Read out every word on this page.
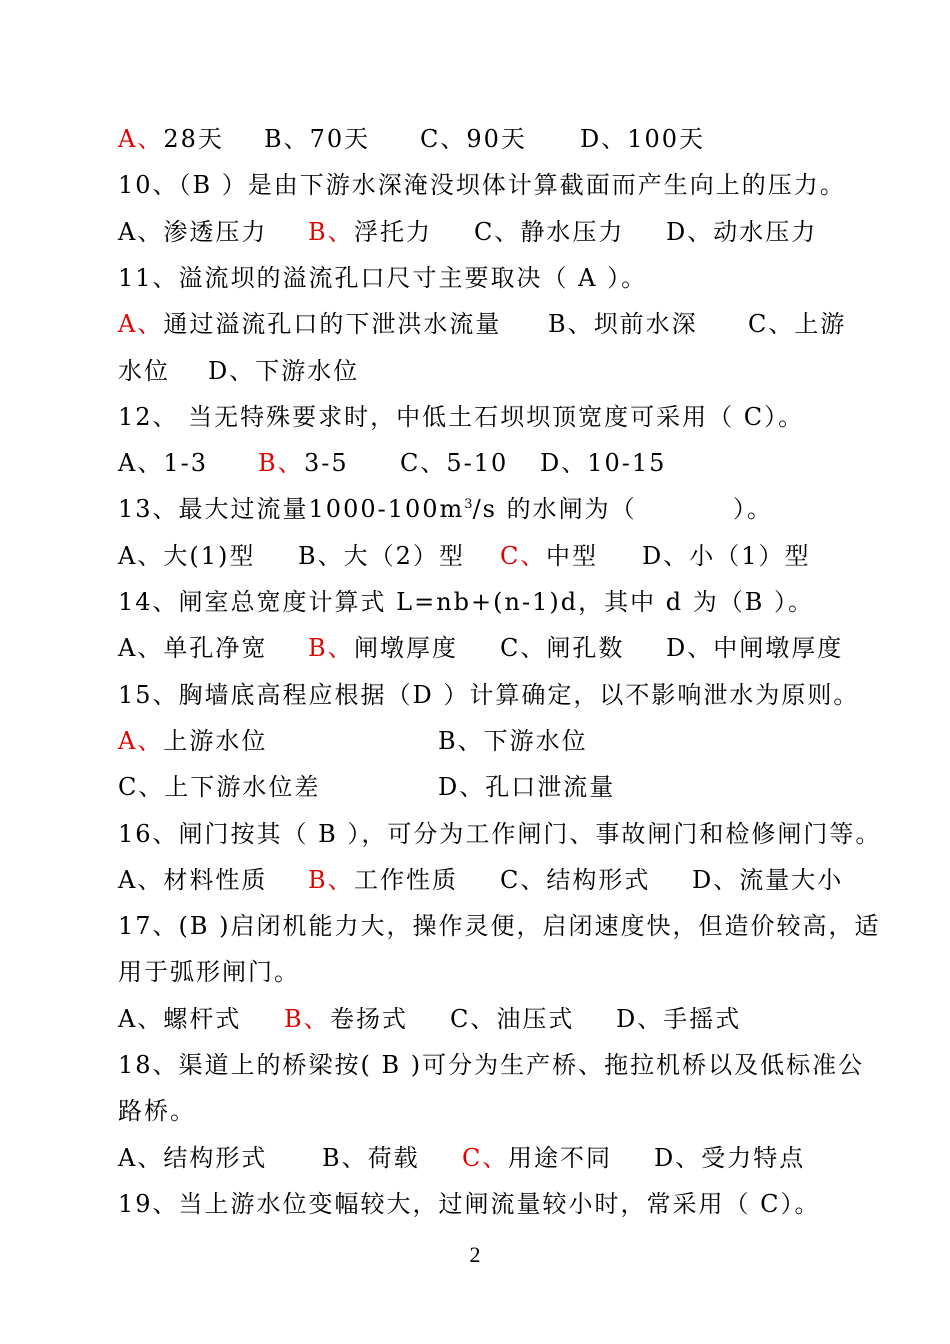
A、28天 B、70天 C、90天 D、100天
10、（B ）是由下游水深淹没坝体计算截面而产生向上的压力。
A、渗透压力 B、 浮托力 C、静水压力 D、动水压力
11、溢流坝的溢流孔口尺寸主要取决（ A ）。
A、通过溢流孔口的下泄洪水流量 B、坝前水深 C、上游
水位 D、下游水位
12、 当无特殊要求时，中低土石坝坝顶宽度可采用（ C）。
A、1-3 B、 3-5 C、5-10 D、10-15
13、最大过流量$1000-100m^3/s$ 的水闸为（          ）。
A、大(1)型 B、大（2）型 C、 中型 D、小（1）型
14、闸室总宽度计算式 L=nb+(n-1)d，其中 d 为（B ）。
A、单孔净宽 B、 闸墩厚度 C、闸孔数 D、中闸墩厚度
15、胸墙底高程应根据（D ）计算确定，以不影响泄水为原则。
A、上游水位	B、下游水位
C、上下游水位差	D、孔口泄流量
16、闸门按其（ B ），可分为工作闸门、事故闸门和检修闸门等。
A、材料性质 B、 工作性质 C、结构形式 D、流量大小
17、(B )启闭机能力大，操作灵便，启闭速度快，但造价较高，适
用于弧形闸门。
A、螺杆式 B、 卷扬式 C、油压式 D、手摇式
18、渠道上的桥梁按( B )可分为生产桥、拖拉机桥以及低标准公
路桥。
A、结构形式 B、荷载 C、 用途不同 D、受力特点
19、当上游水位变幅较大，过闸流量较小时，常采用（ C）。
2
